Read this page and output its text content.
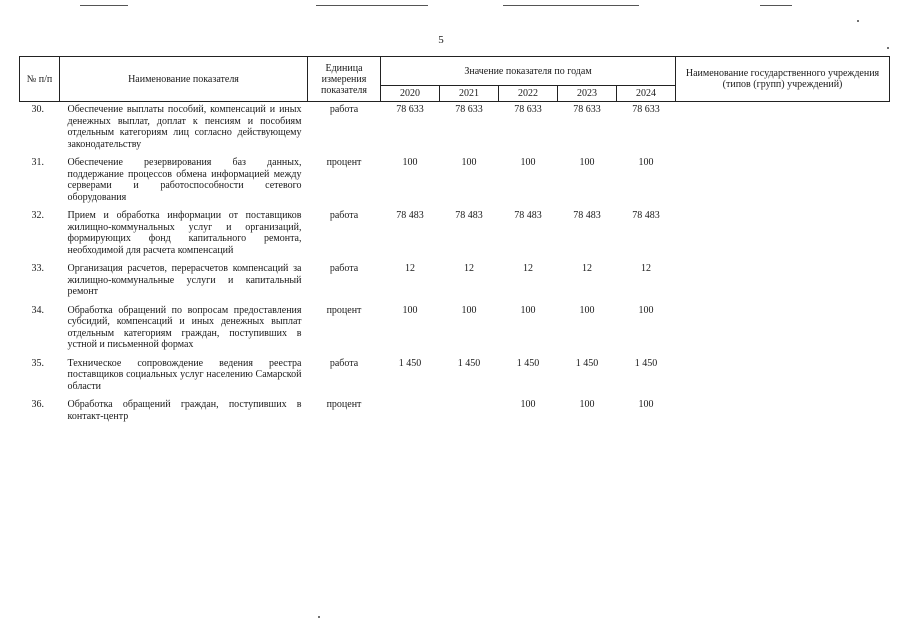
5
№ п/п	Наименование показателя	Единица измерения показателя	Значение показателя по годам					Наименование государственного учреждения (типов (групп) учреждений)
			2020	2021	2022	2023	2024	
30.	Обеспечение выплаты пособий, компенсаций и иных денежных выплат, доплат к пенсиям и пособиям отдельным категориям лиц согласно действующему законодательству	работа	78 633	78 633	78 633	78 633	78 633	
31.	Обеспечение резервирования баз данных, поддержание процессов обмена информацией между серверами и работоспособности сетевого оборудования	процент	100	100	100	100	100	
32.	Прием и обработка информации от поставщиков жилищно-коммунальных услуг и организаций, формирующих фонд капитального ремонта, необходимой для расчета компенсаций	работа	78 483	78 483	78 483	78 483	78 483	
33.	Организация расчетов, перерасчетов компенсаций за жилищно-коммунальные услуги и капитальный ремонт	работа	12	12	12	12	12	
34.	Обработка обращений по вопросам предоставления субсидий, компенсаций и иных денежных выплат отдельным категориям граждан, поступивших в устной и письменной формах	процент	100	100	100	100	100	
35.	Техническое сопровождение ведения реестра поставщиков социальных услуг населению Самарской области	работа	1 450	1 450	1 450	1 450	1 450	
36.	Обработка обращений граждан, поступивших в контакт-центр	процент			100	100	100	
